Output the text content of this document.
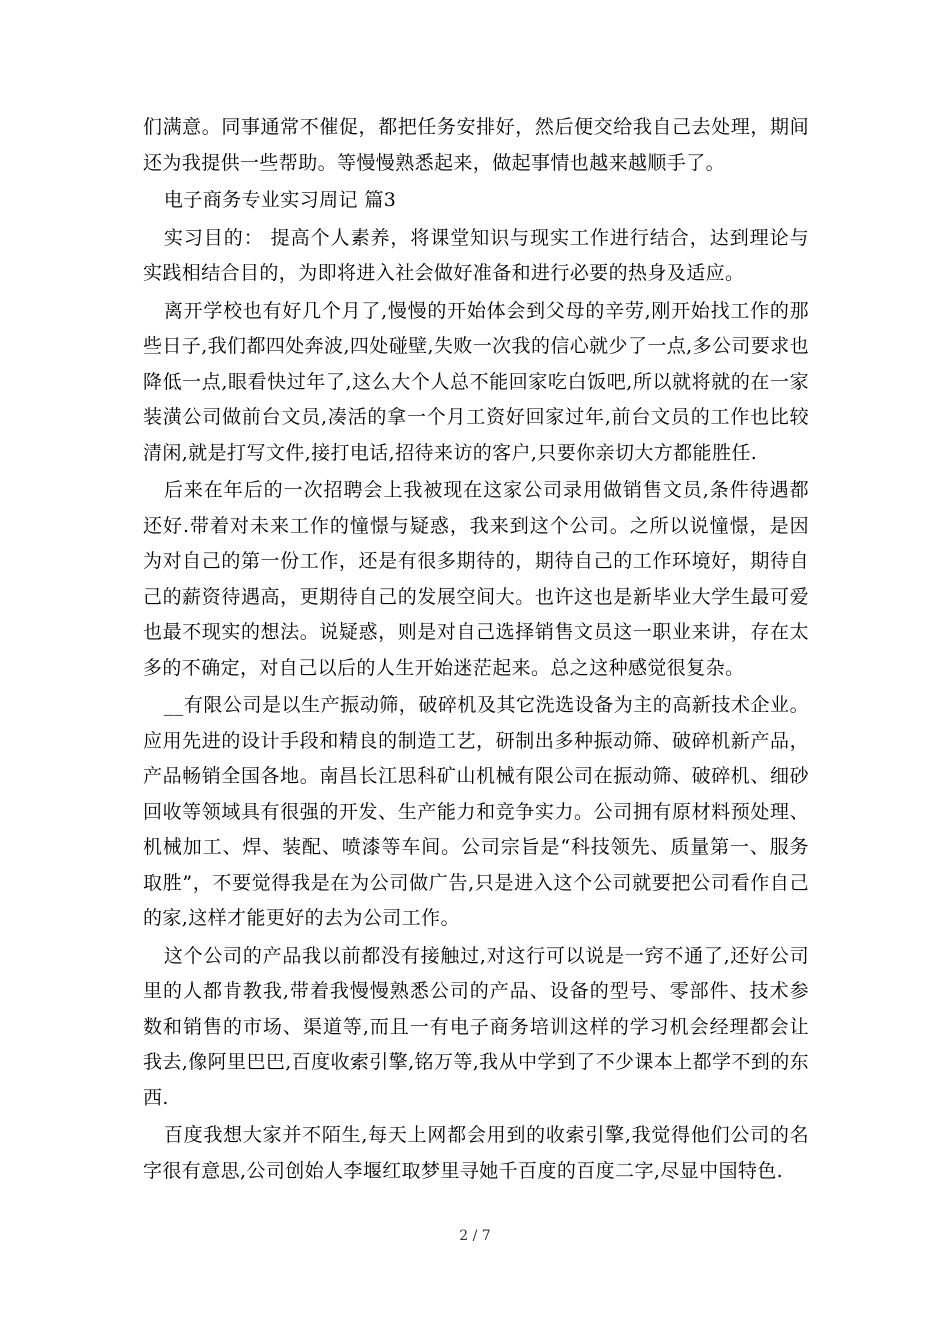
们满意。同事通常不催促，都把任务安排好，然后便交给我自己去处理，期间还为我提供一些帮助。等慢慢熟悉起来，做起事情也越来越顺手了。

电子商务专业实习周记 篇3

实习目的： 提高个人素养，将课堂知识与现实工作进行结合，达到理论与实践相结合目的，为即将进入社会做好准备和进行必要的热身及适应。

离开学校也有好几个月了,慢慢的开始体会到父母的辛劳,刚开始找工作的那些日子,我们都四处奔波,四处碰壁,失败一次我的信心就少了一点,多公司要求也降低一点,眼看快过年了,这么大个人总不能回家吃白饭吧,所以就将就的在一家装潢公司做前台文员,凑活的拿一个月工资好回家过年,前台文员的工作也比较清闲,就是打写文件,接打电话,招待来访的客户,只要你亲切大方都能胜任.

后来在年后的一次招聘会上我被现在这家公司录用做销售文员,条件待遇都还好.带着对未来工作的憧憬与疑惑，我来到这个公司。之所以说憧憬，是因为对自己的第一份工作，还是有很多期待的，期待自己的工作环境好，期待自己的薪资待遇高，更期待自己的发展空间大。也许这也是新毕业大学生最可爱也最不现实的想法。说疑惑，则是对自己选择销售文员这一职业来讲，存在太多的不确定，对自己以后的人生开始迷茫起来。总之这种感觉很复杂。

__有限公司是以生产振动筛，破碎机及其它洗选设备为主的高新技术企业。应用先进的设计手段和精良的制造工艺，研制出多种振动筛、破碎机新产品，产品畅销全国各地。南昌长江思科矿山机械有限公司在振动筛、破碎机、细砂回收等领域具有很强的开发、生产能力和竞争实力。公司拥有原材料预处理、机械加工、焊、装配、喷漆等车间。公司宗旨是“科技领先、质量第一、服务取胜”，不要觉得我是在为公司做广告,只是进入这个公司就要把公司看作自己的家,这样才能更好的去为公司工作。

这个公司的产品我以前都没有接触过,对这行可以说是一窍不通了,还好公司里的人都肯教我,带着我慢慢熟悉公司的产品、设备的型号、零部件、技术参数和销售的市场、渠道等,而且一有电子商务培训这样的学习机会经理都会让我去,像阿里巴巴,百度收索引擎,铭万等,我从中学到了不少课本上都学不到的东西.

百度我想大家并不陌生,每天上网都会用到的收索引擎,我觉得他们公司的名字很有意思,公司创始人李堰红取梦里寻她千百度的百度二字,尽显中国特色.

2 / 7
